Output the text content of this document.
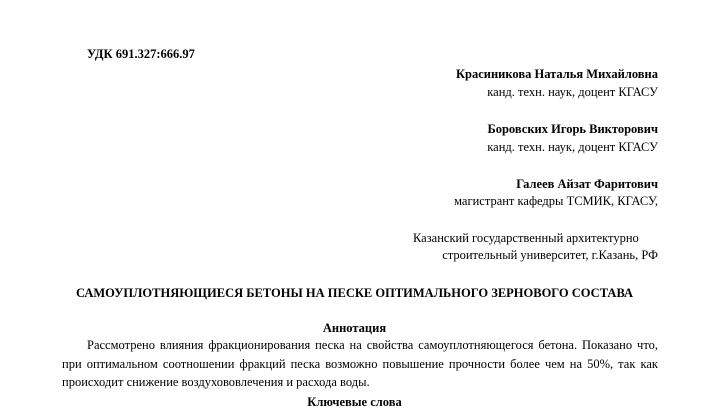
УДК 691.327:666.97
Красиникова Наталья Михайловна
канд. техн. наук, доцент КГАСУ
Боровских Игорь Викторович
канд. техн. наук, доцент КГАСУ
Галеев Айзат Фаритович
магистрант кафедры ТСМИК, КГАСУ,
Казанский государственный архитектурно
строительный университет, г.Казань, РФ
САМОУПЛОТНЯЮЩИЕСЯ БЕТОНЫ НА ПЕСКЕ ОПТИМАЛЬНОГО ЗЕРНОВОГО СОСТАВА
Аннотация

Рассмотрено влияния фракционирования песка на свойства самоуплотняющегося бетона. Показано что, при оптимальном соотношении фракций песка возможно повышение прочности более чем на 50%, так как происходит снижение воздухововлечения и расхода воды.

Ключевые слова
